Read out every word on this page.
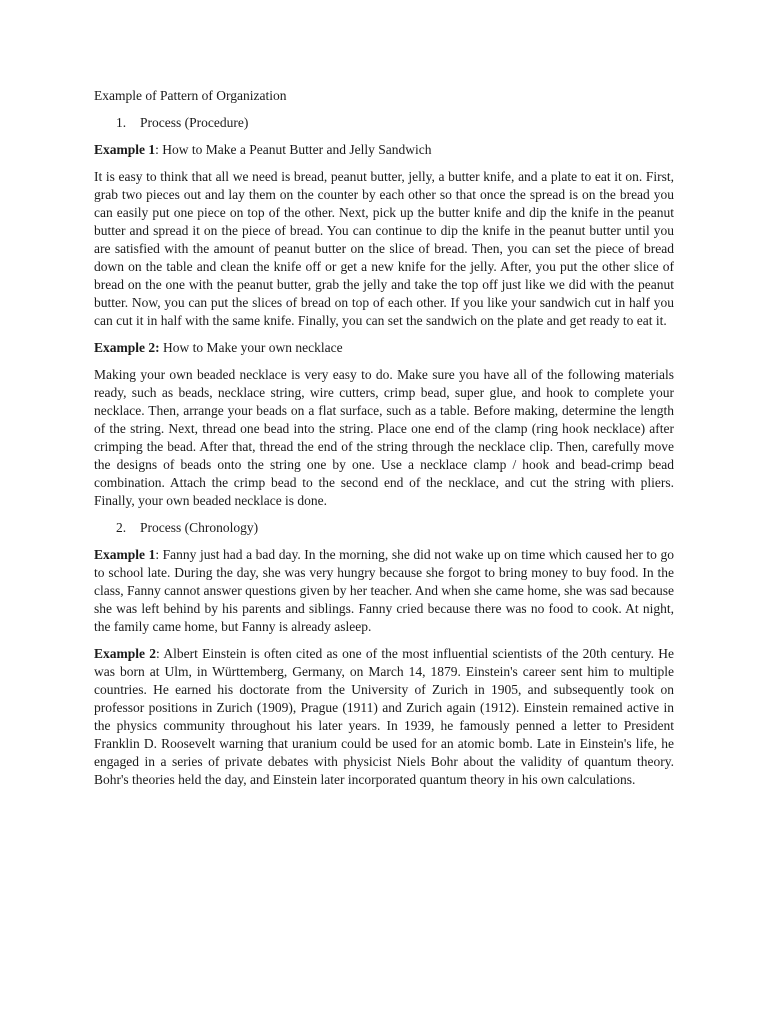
Example of Pattern of Organization

1. Process (Procedure)

Example 1: How to Make a Peanut Butter and Jelly Sandwich

It is easy to think that all we need is bread, peanut butter, jelly, a butter knife, and a plate to eat it on. First, grab two pieces out and lay them on the counter by each other so that once the spread is on the bread you can easily put one piece on top of the other. Next, pick up the butter knife and dip the knife in the peanut butter and spread it on the piece of bread. You can continue to dip the knife in the peanut butter until you are satisfied with the amount of peanut butter on the slice of bread. Then, you can set the piece of bread down on the table and clean the knife off or get a new knife for the jelly. After, you put the other slice of bread on the one with the peanut butter, grab the jelly and take the top off just like we did with the peanut butter. Now, you can put the slices of bread on top of each other. If you like your sandwich cut in half you can cut it in half with the same knife. Finally, you can set the sandwich on the plate and get ready to eat it.

Example 2: How to Make your own necklace

Making your own beaded necklace is very easy to do. Make sure you have all of the following materials ready, such as beads, necklace string, wire cutters, crimp bead, super glue, and hook to complete your necklace. Then, arrange your beads on a flat surface, such as a table. Before making, determine the length of the string. Next, thread one bead into the string. Place one end of the clamp (ring hook necklace) after crimping the bead. After that, thread the end of the string through the necklace clip. Then, carefully move the designs of beads onto the string one by one. Use a necklace clamp / hook and bead-crimp bead combination. Attach the crimp bead to the second end of the necklace, and cut the string with pliers. Finally, your own beaded necklace is done.

2. Process (Chronology)

Example 1: Fanny just had a bad day. In the morning, she did not wake up on time which caused her to go to school late. During the day, she was very hungry because she forgot to bring money to buy food. In the class, Fanny cannot answer questions given by her teacher. And when she came home, she was sad because she was left behind by his parents and siblings. Fanny cried because there was no food to cook. At night, the family came home, but Fanny is already asleep.

Example 2: Albert Einstein is often cited as one of the most influential scientists of the 20th century. He was born at Ulm, in Württemberg, Germany, on March 14, 1879. Einstein's career sent him to multiple countries. He earned his doctorate from the University of Zurich in 1905, and subsequently took on professor positions in Zurich (1909), Prague (1911) and Zurich again (1912). Einstein remained active in the physics community throughout his later years. In 1939, he famously penned a letter to President Franklin D. Roosevelt warning that uranium could be used for an atomic bomb. Late in Einstein's life, he engaged in a series of private debates with physicist Niels Bohr about the validity of quantum theory. Bohr's theories held the day, and Einstein later incorporated quantum theory in his own calculations.
